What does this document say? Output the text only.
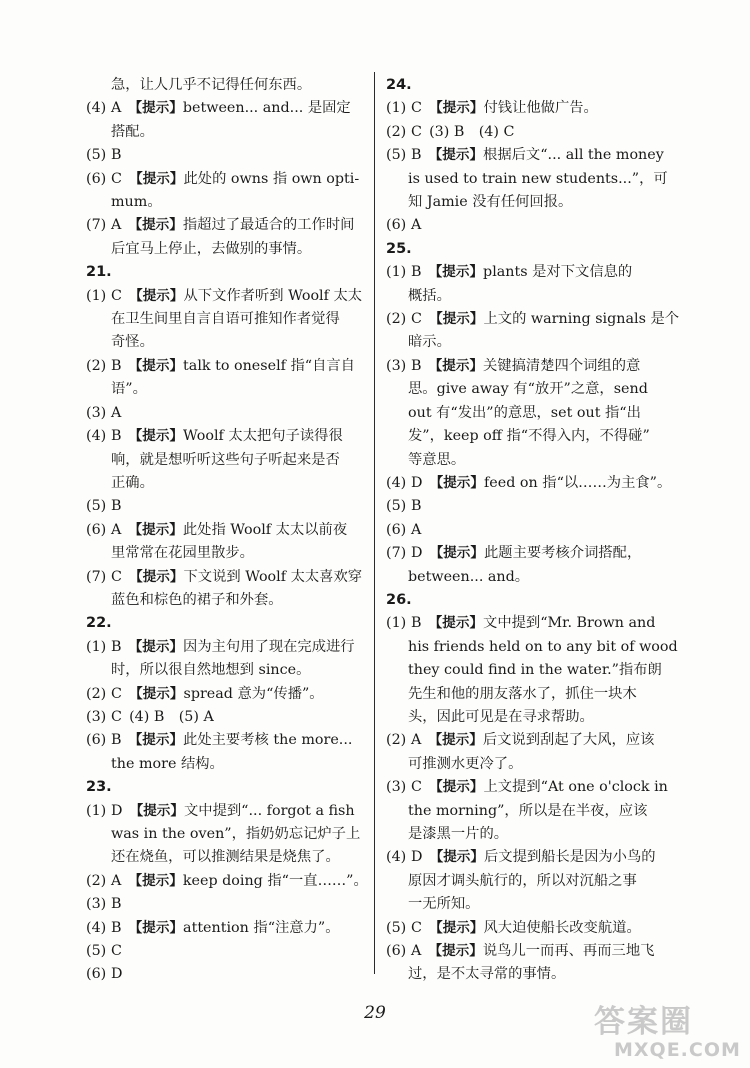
急，让人几乎不记得任何东西。
(4) A  【提示】between... and... 是固定
搭配。
(5) B 
(6) C  【提示】此处的 owns 指 own opti-
mum。
(7) A  【提示】指超过了最适合的工作时间
后宜马上停止，去做别的事情。
21.
(1) C  【提示】从下文作者听到 Woolf 太太
在卫生间里自言自语可推知作者觉得
奇怪。
(2) B  【提示】talk to oneself 指“自言自
语”。
(3) A 
(4) B  【提示】Woolf 太太把句子读得很
响，就是想听听这些句子听起来是否
正确。
(5) B 
(6) A  【提示】此处指 Woolf 太太以前夜
里常常在花园里散步。
(7) C  【提示】下文说到 Woolf 太太喜欢穿
蓝色和棕色的裙子和外套。
22.
(1) B  【提示】因为主句用了现在完成进行
时，所以很自然地想到 since。
(2) C  【提示】spread 意为“传播”。
(3) C  (4) B　(5) A
(6) B  【提示】此处主要考核 the more...
the more 结构。
23.
(1) D  【提示】文中提到“... forgot a fish
was in the oven”，指奶奶忘记炉子上
还在烧鱼，可以推测结果是烧焦了。
(2) A  【提示】keep doing 指“一直……”。
(3) B 
(4) B  【提示】attention 指“注意力”。
(5) C 
(6) D 
24.
(1) C  【提示】付钱让他做广告。
(2) C  (3) B　(4) C
(5) B  【提示】根据后文“... all the money
is used to train new students...”，可
知 Jamie 没有任何回报。
(6) A 
25.
(1) B  【提示】plants 是对下文信息的
概括。
(2) C  【提示】上文的 warning signals 是个
暗示。
(3) B  【提示】关键搞清楚四个词组的意
思。give away 有“放开”之意，send
out 有“发出”的意思，set out 指“出
发”，keep off 指“不得入内，不得碰”
等意思。
(4) D  【提示】feed on 指“以……为主食”。
(5) B 
(6) A 
(7) D  【提示】此题主要考核介词搭配，
between... and。
26.
(1) B  【提示】文中提到“Mr. Brown and
his friends held on to any bit of wood
they could find in the water.”指布朗
先生和他的朋友落水了，抓住一块木
头，因此可见是在寻求帮助。
(2) A  【提示】后文说到刮起了大风，应该
可推测水更冷了。
(3) C  【提示】上文提到“At one o'clock in
the morning”，所以是在半夜，应该
是漆黑一片的。
(4) D  【提示】后文提到船长是因为小鸟的
原因才调头航行的，所以对沉船之事
一无所知。
(5) C  【提示】风大迫使船长改变航道。
(6) A  【提示】说鸟儿一而再、再而三地飞
过，是不太寻常的事情。
29	答案圈
MXQE.COM
